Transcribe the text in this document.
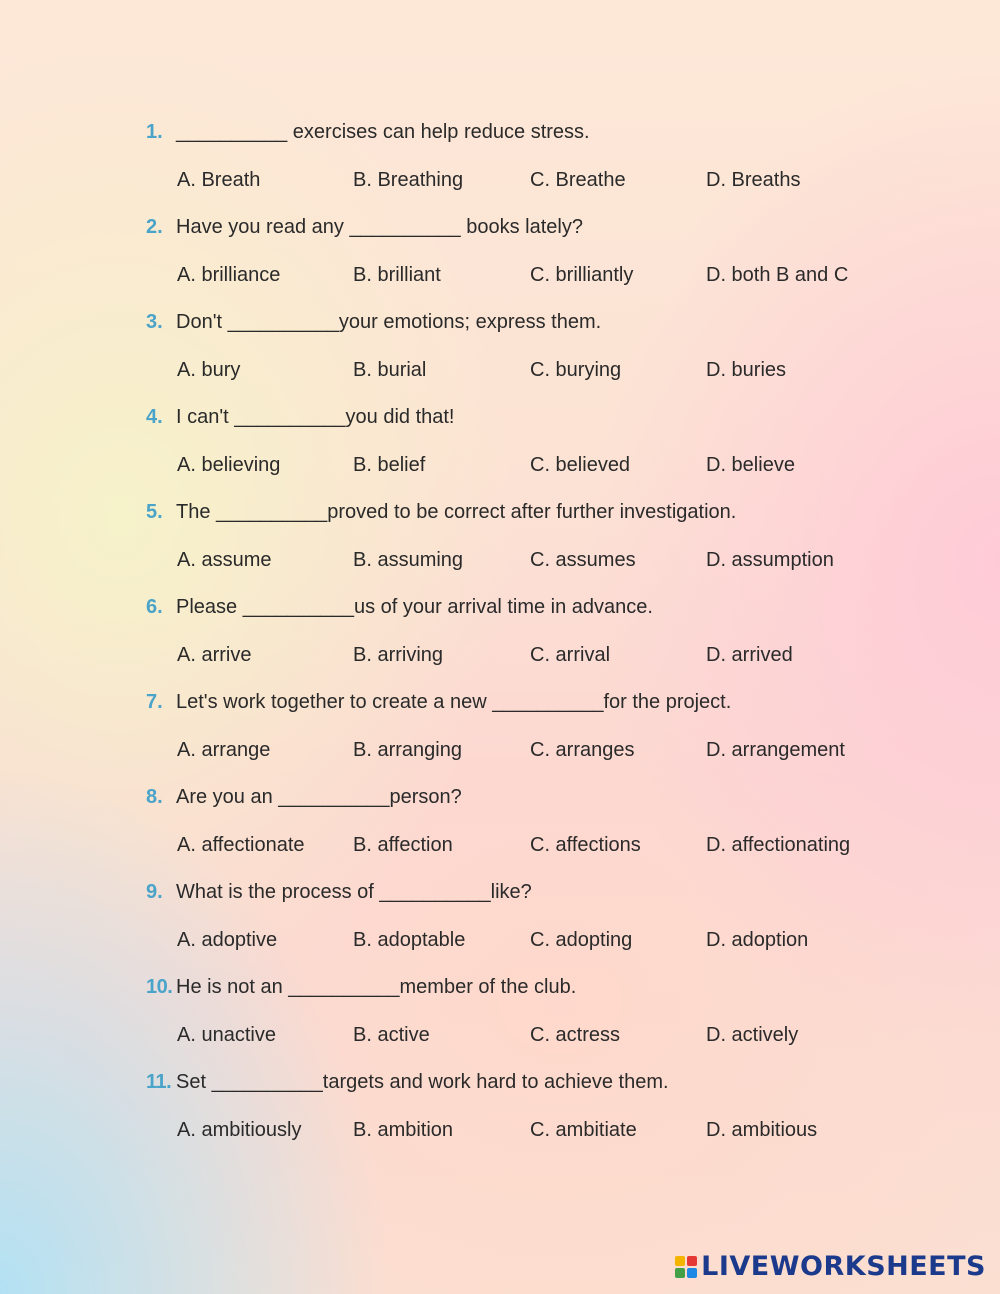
1. __________ exercises can help reduce stress.
A. Breath	B. Breathing	C. Breathe	D. Breaths
2. Have you read any __________ books lately?
A. brilliance	B. brilliant	C. brilliantly	D. both B and C
3. Don't __________your emotions; express them.
A. bury	B. burial	C. burying	D. buries
4. I can't __________you did that!
A. believing	B. belief	C. believed	D. believe
5. The __________proved to be correct after further investigation.
A. assume	B. assuming	C. assumes	D. assumption
6. Please __________us of your arrival time in advance.
A. arrive	B. arriving	C. arrival	D. arrived
7. Let's work together to create a new __________for the project.
A. arrange	B. arranging	C. arranges	D. arrangement
8. Are you an __________person?
A. affectionate B. affection	C. affections	D. affectionating
9. What is the process of __________like?
A. adoptive	B. adoptable	C. adopting	D. adoption
10. He is not an __________member of the club.
A. unactive	B. active	C. actress	D. actively
11. Set __________targets and work hard to achieve them.
A. ambitiously	B. ambition	C. ambitiate	D. ambitious
LIVEWORKSHEETS
